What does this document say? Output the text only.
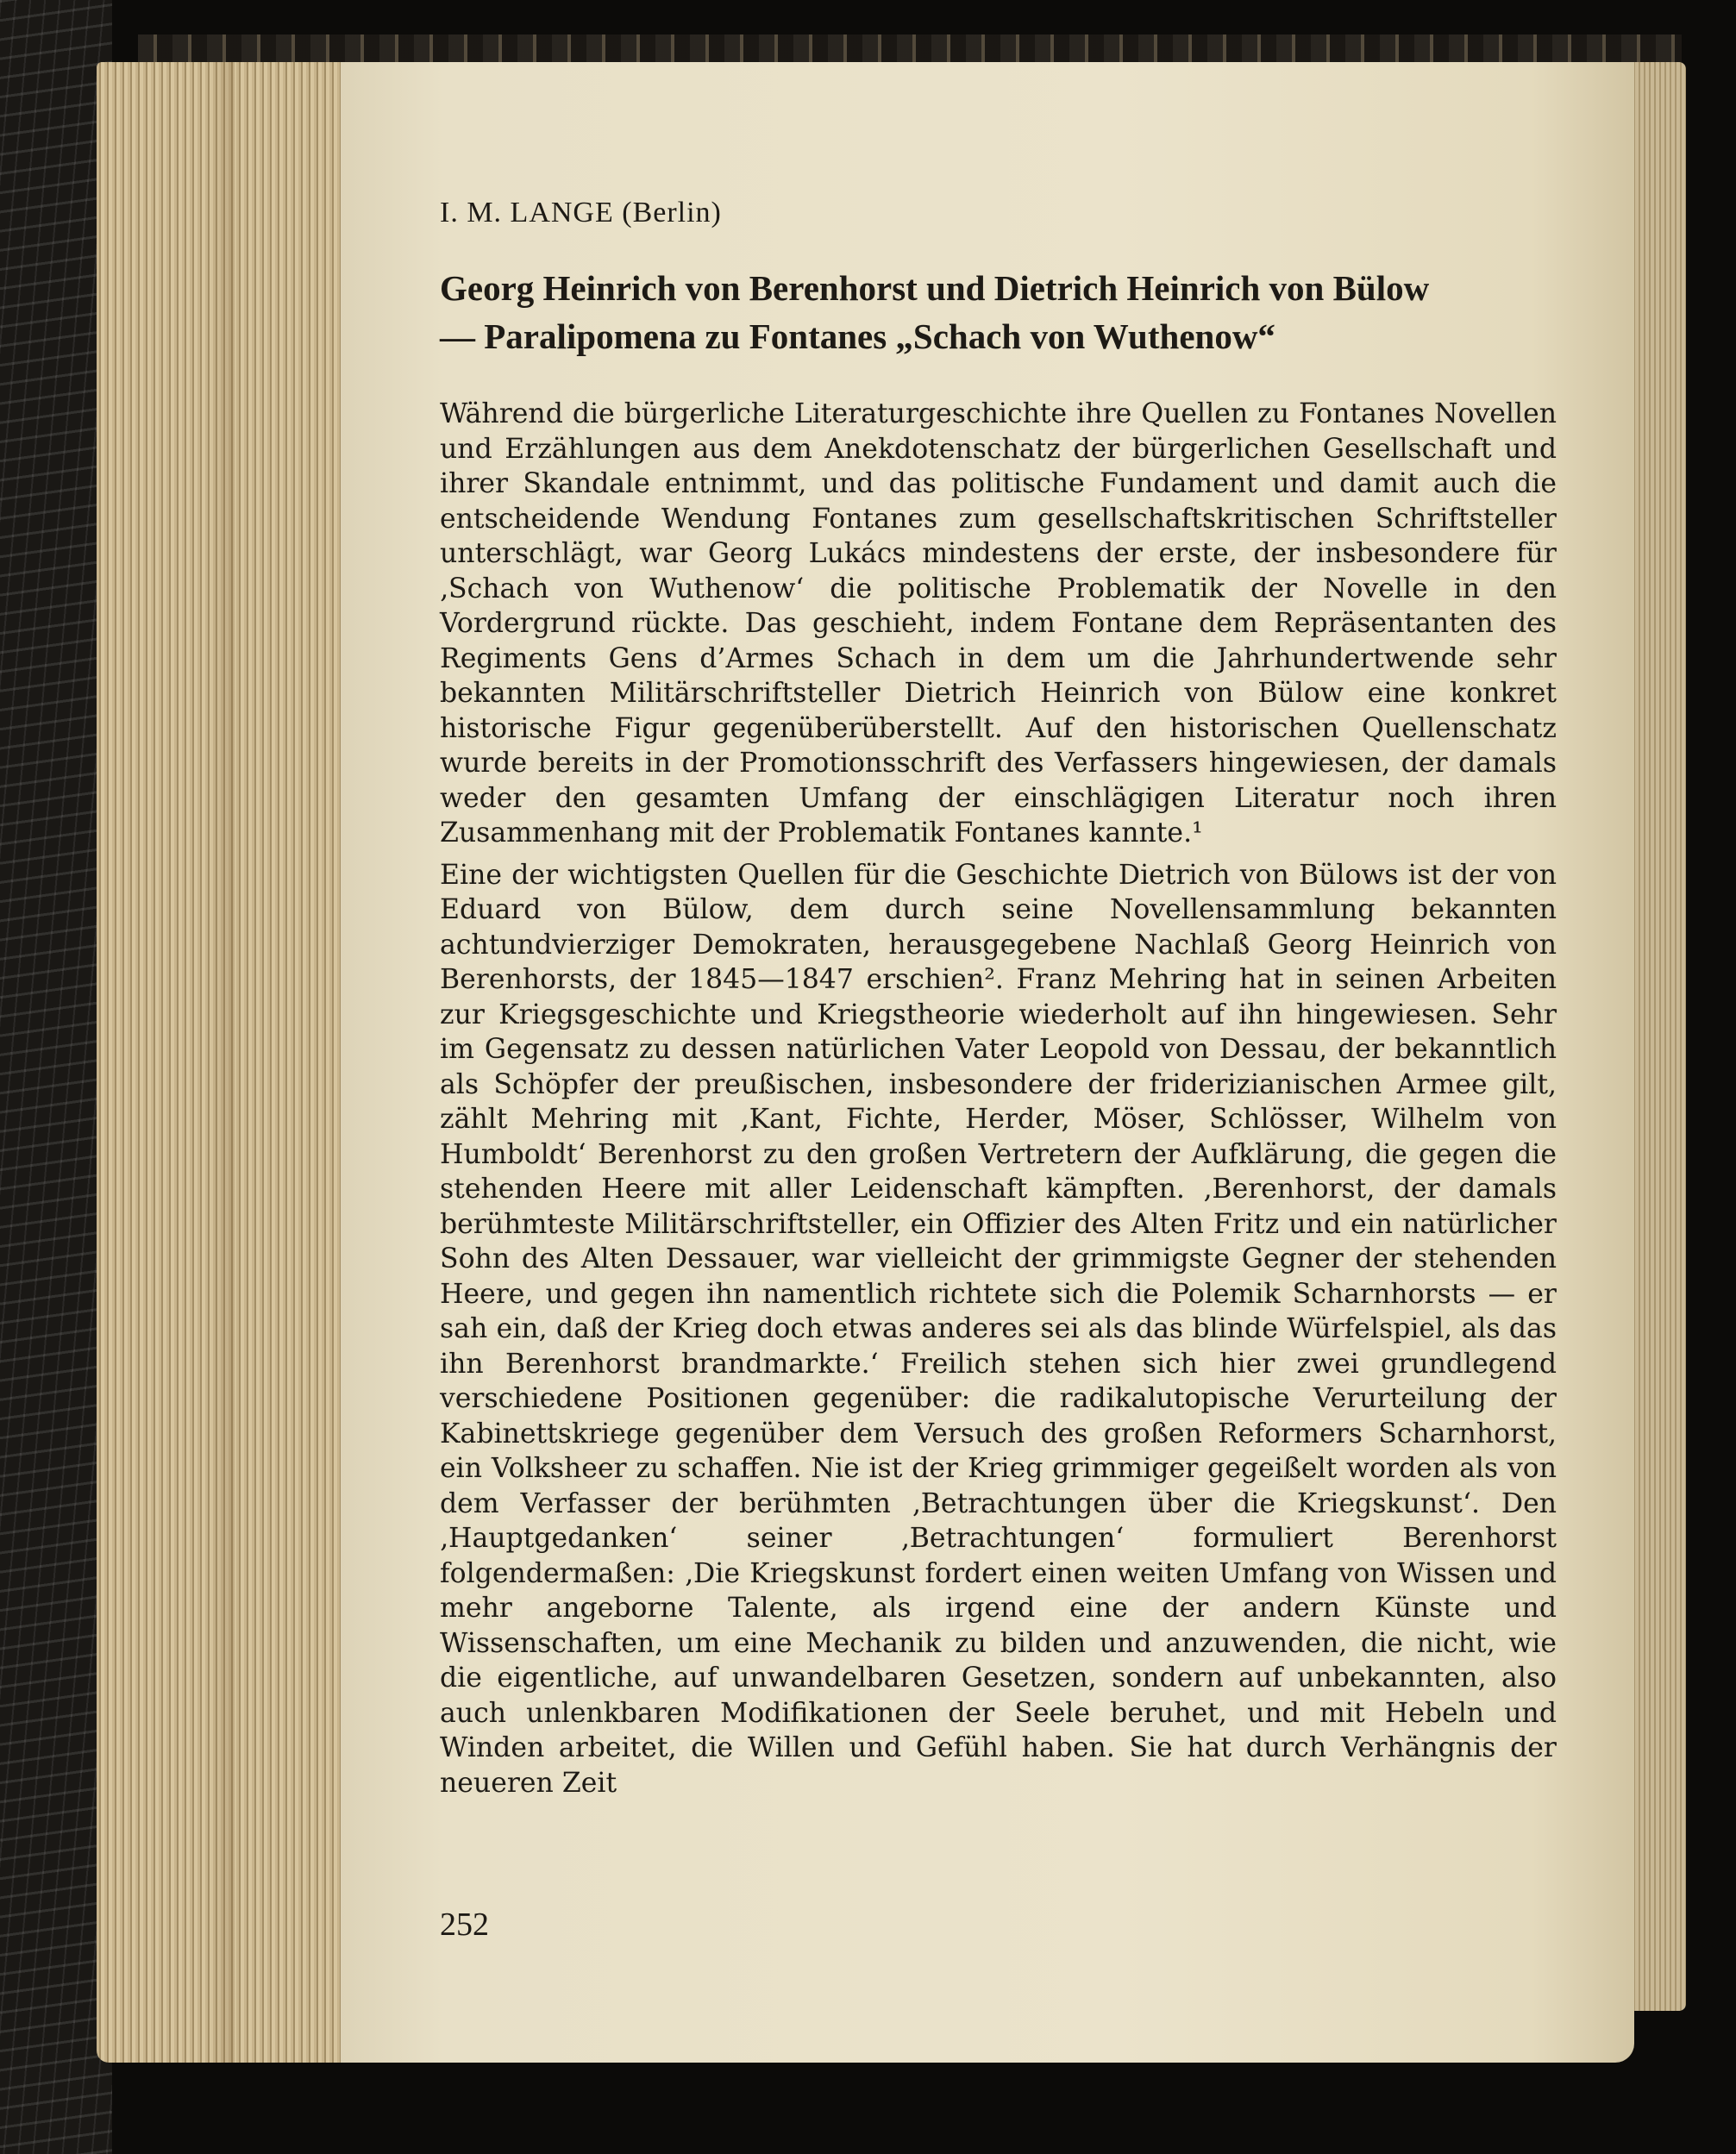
I. M. LANGE (Berlin)
Georg Heinrich von Berenhorst und Dietrich Heinrich von Bülow
— Paralipomena zu Fontanes „Schach von Wuthenow“

Während die bürgerliche Literaturgeschichte ihre Quellen zu Fontanes Novellen und Erzählungen aus dem Anekdotenschatz der bürgerlichen Gesellschaft und ihrer Skandale entnimmt, und das politische Fundament und damit auch die entscheidende Wendung Fontanes zum gesellschaftskritischen Schriftsteller unterschlägt, war Georg Lukács mindestens der erste, der insbesondere für ‚Schach von Wuthenow‘ die politische Problematik der Novelle in den Vordergrund rückte. Das geschieht, indem Fontane dem Repräsentanten des Regiments Gens d’Armes Schach in dem um die Jahrhundertwende sehr bekannten Militärschriftsteller Dietrich Heinrich von Bülow eine konkret historische Figur gegenüberüberstellt. Auf den historischen Quellenschatz wurde bereits in der Promotionsschrift des Verfassers hingewiesen, der damals weder den gesamten Umfang der einschlägigen Literatur noch ihren Zusammenhang mit der Problematik Fontanes kannte.¹

Eine der wichtigsten Quellen für die Geschichte Dietrich von Bülows ist der von Eduard von Bülow, dem durch seine Novellensammlung bekannten achtundvierziger Demokraten, herausgegebene Nachlaß Georg Heinrich von Berenhorsts, der 1845—1847 erschien². Franz Mehring hat in seinen Arbeiten zur Kriegsgeschichte und Kriegstheorie wiederholt auf ihn hingewiesen. Sehr im Gegensatz zu dessen natürlichen Vater Leopold von Dessau, der bekanntlich als Schöpfer der preußischen, insbesondere der friderizianischen Armee gilt, zählt Mehring mit ‚Kant, Fichte, Herder, Möser, Schlösser, Wilhelm von Humboldt‘ Berenhorst zu den großen Vertretern der Aufklärung, die gegen die stehenden Heere mit aller Leidenschaft kämpften. ‚Berenhorst, der damals berühmteste Militärschriftsteller, ein Offizier des Alten Fritz und ein natürlicher Sohn des Alten Dessauer, war vielleicht der grimmigste Gegner der stehenden Heere, und gegen ihn namentlich richtete sich die Polemik Scharnhorsts — er sah ein, daß der Krieg doch etwas anderes sei als das blinde Würfelspiel, als das ihn Berenhorst brandmarkte.‘ Freilich stehen sich hier zwei grundlegend verschiedene Positionen gegenüber: die radikalutopische Verurteilung der Kabinettskriege gegenüber dem Versuch des großen Reformers Scharnhorst, ein Volksheer zu schaffen. Nie ist der Krieg grimmiger gegeißelt worden als von dem Verfasser der berühmten ‚Betrachtungen über die Kriegskunst‘. Den ‚Hauptgedanken‘ seiner ‚Betrachtungen‘ formuliert Berenhorst folgendermaßen: ‚Die Kriegskunst fordert einen weiten Umfang von Wissen und mehr angeborne Talente, als irgend eine der andern Künste und Wissenschaften, um eine Mechanik zu bilden und anzuwenden, die nicht, wie die eigentliche, auf unwandelbaren Gesetzen, sondern auf unbekannten, also auch unlenkbaren Modifikationen der Seele beruhet, und mit Hebeln und Winden arbeitet, die Willen und Gefühl haben. Sie hat durch Verhängnis der neueren Zeit

252
